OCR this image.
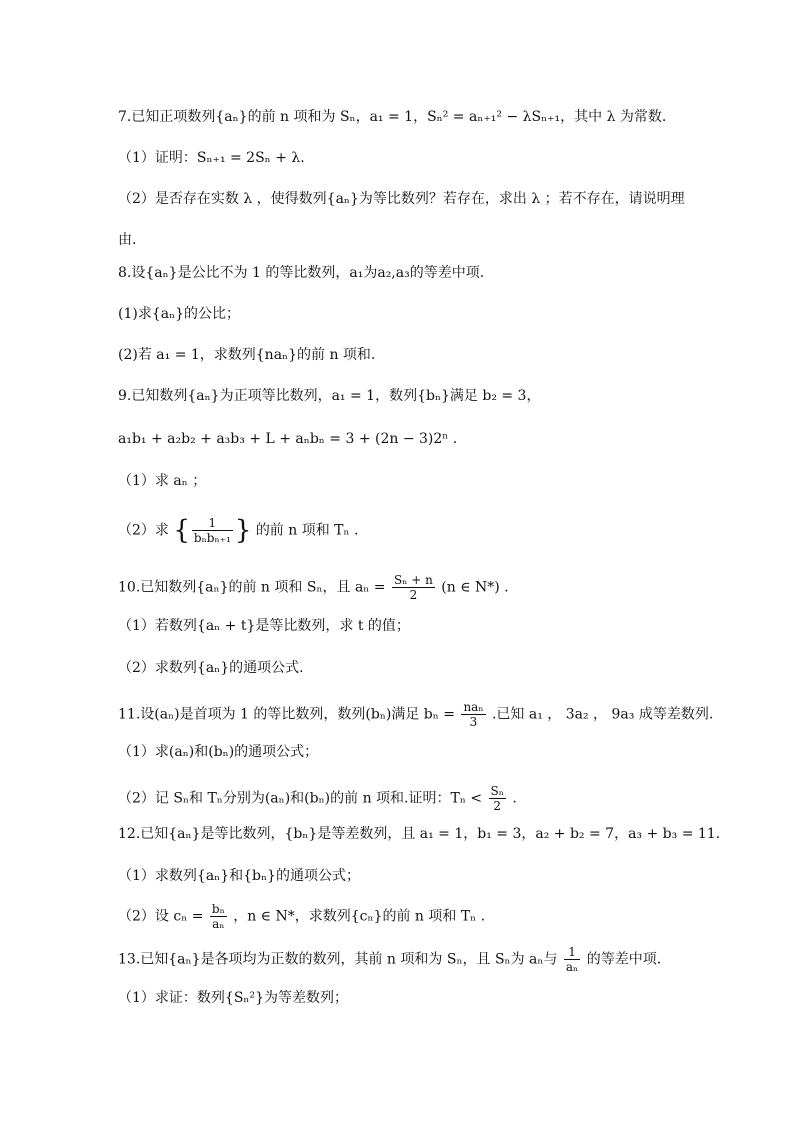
7.已知正项数列{aₙ}的前 n 项和为 Sₙ，a₁ = 1，Sₙ² = aₙ₊₁² − λSₙ₊₁，其中 λ 为常数.
（1）证明：Sₙ₊₁ = 2Sₙ + λ.
（2）是否存在实数 λ ，使得数列{aₙ}为等比数列？若存在，求出 λ ；若不存在，请说明理
由.
8.设{aₙ}是公比不为 1 的等比数列，a₁为a₂,a₃的等差中项.
(1)求{aₙ}的公比；
(2)若 a₁ = 1，求数列{naₙ}的前 n 项和.
9.已知数列{aₙ}为正项等比数列，a₁ = 1，数列{bₙ}满足 b₂ = 3，
a₁b₁ + a₂b₂ + a₃b₃ + L + aₙbₙ = 3 + (2n − 3)2ⁿ .
（1）求 aₙ ；
（2）求 { $\frac{1}{\text{bₙbₙ₊₁}}$ } 的前 n 项和 Tₙ .
10.已知数列{aₙ}的前 n 项和 Sₙ，且 $a_n = \frac{\text{Sₙ + n}}{2} (n$ ∈ N*) .
（1）若数列{aₙ + t}是等比数列，求 t 的值；
（2）求数列{aₙ}的通项公式.
11.设(aₙ)是首项为 1 的等比数列，数列(bₙ)满足 $b_n = \frac{\text{naₙ}}{3}$ .已知 a₁ ， 3a₂ ， 9a₃ 成等差数列.
（1）求(aₙ)和(bₙ)的通项公式；
（2）记 Sₙ和 Tₙ分别为(aₙ)和(bₙ)的前 n 项和.证明：$T_n < \frac{\text{Sₙ}}{2}$ .
12.已知{aₙ}是等比数列，{bₙ}是等差数列，且 a₁ = 1，b₁ = 3，a₂ + b₂ = 7，a₃ + b₃ = 11.
（1）求数列{aₙ}和{bₙ}的通项公式；
（2）设 $c_n = \frac{\text{bₙ}}{\text{aₙ}}$ ，n ∈ N*，求数列{cₙ}的前 n 项和 Tₙ .
13.已知{aₙ}是各项均为正数的数列，其前 n 项和为 Sₙ，且 Sₙ为 aₙ与 $\frac{1}{\text{aₙ}}$ 的等差中项.
（1）求证：数列{Sₙ²}为等差数列；
